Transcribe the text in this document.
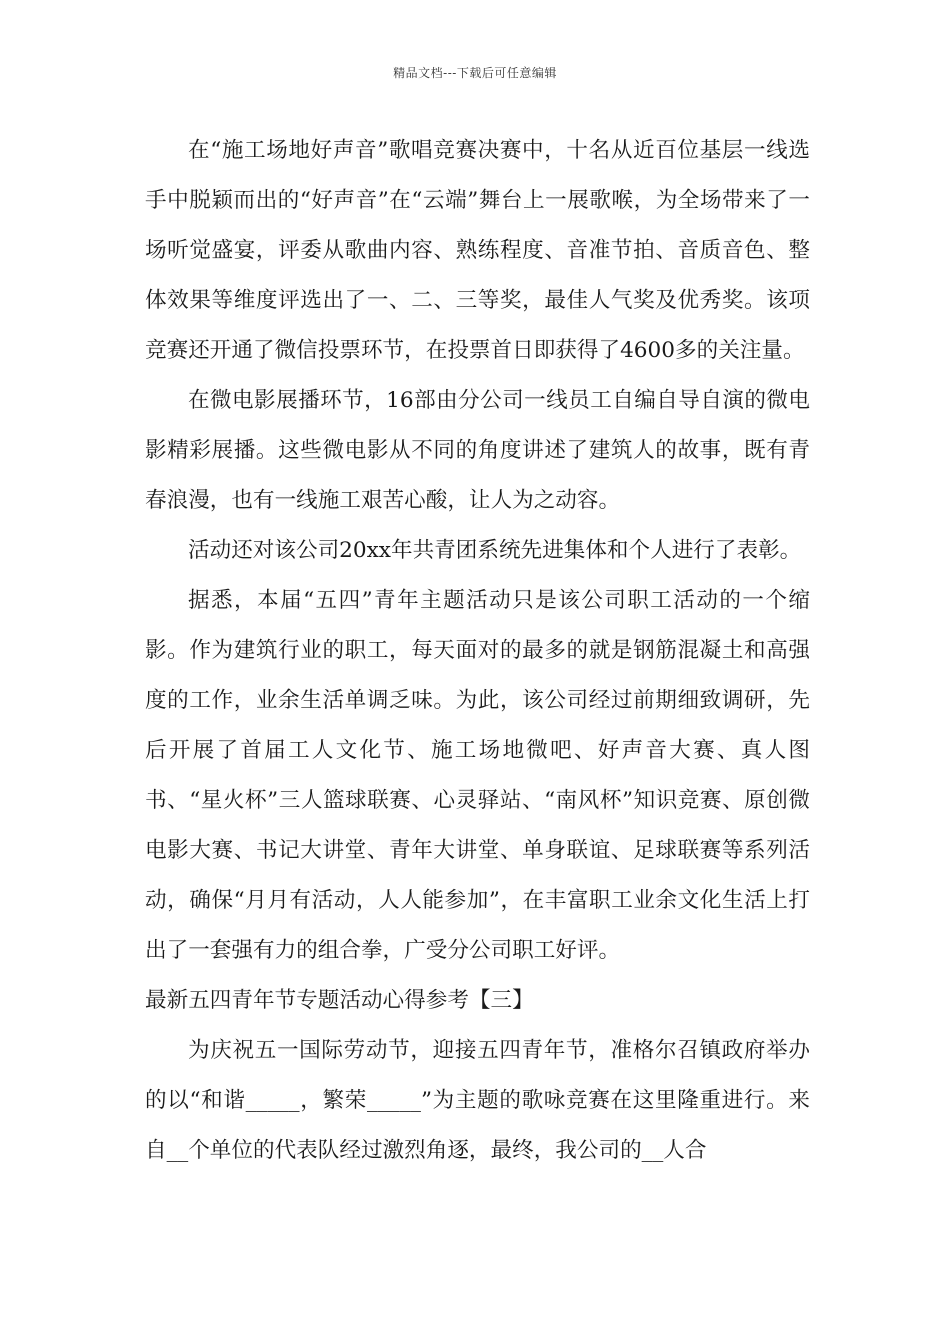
精品文档---下载后可任意编辑

在“施工场地好声音”歌唱竞赛决赛中，十名从近百位基层一线选手中脱颖而出的“好声音”在“云端”舞台上一展歌喉，为全场带来了一场听觉盛宴，评委从歌曲内容、熟练程度、音准节拍、音质音色、整体效果等维度评选出了一、二、三等奖，最佳人气奖及优秀奖。该项竞赛还开通了微信投票环节，在投票首日即获得了4600多的关注量。

在微电影展播环节，16部由分公司一线员工自编自导自演的微电影精彩展播。这些微电影从不同的角度讲述了建筑人的故事，既有青春浪漫，也有一线施工艰苦心酸，让人为之动容。

活动还对该公司20xx年共青团系统先进集体和个人进行了表彰。

据悉，本届“五四”青年主题活动只是该公司职工活动的一个缩影。作为建筑行业的职工，每天面对的最多的就是钢筋混凝土和高强度的工作，业余生活单调乏味。为此，该公司经过前期细致调研，先后开展了首届工人文化节、施工场地微吧、好声音大赛、真人图书、“星火杯”三人篮球联赛、心灵驿站、“南风杯”知识竞赛、原创微电影大赛、书记大讲堂、青年大讲堂、单身联谊、足球联赛等系列活动，确保“月月有活动，人人能参加”，在丰富职工业余文化生活上打出了一套强有力的组合拳，广受分公司职工好评。

最新五四青年节专题活动心得参考【三】

为庆祝五一国际劳动节，迎接五四青年节，准格尔召镇政府举办的以“和谐_____，繁荣_____”为主题的歌咏竞赛在这里隆重进行。来自__个单位的代表队经过激烈角逐，最终，我公司的__人合
